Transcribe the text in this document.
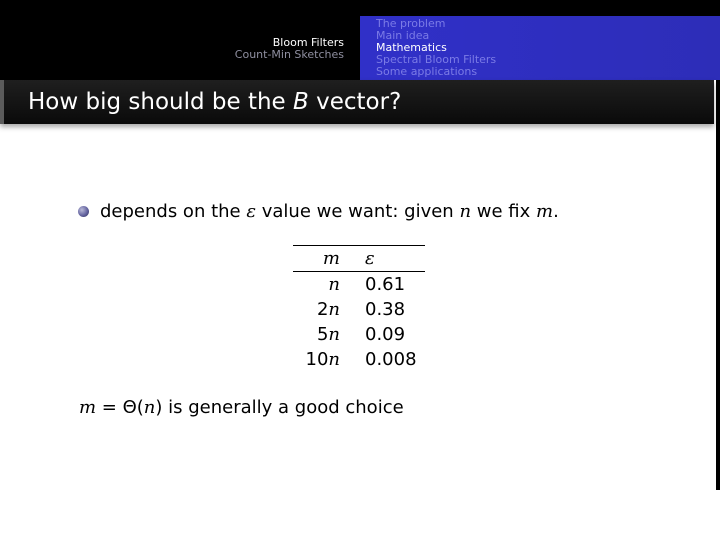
Bloom Filters
Count-Min Sketches
The problem
Main idea
Mathematics
Spectral Bloom Filters
Some applications
How big should be the B vector?
depends on the ε value we want: given n we fix m.
m ε
n 0.61
2n 0.38
5n 0.09
10n 0.008
m = Θ(n) is generally a good choice
